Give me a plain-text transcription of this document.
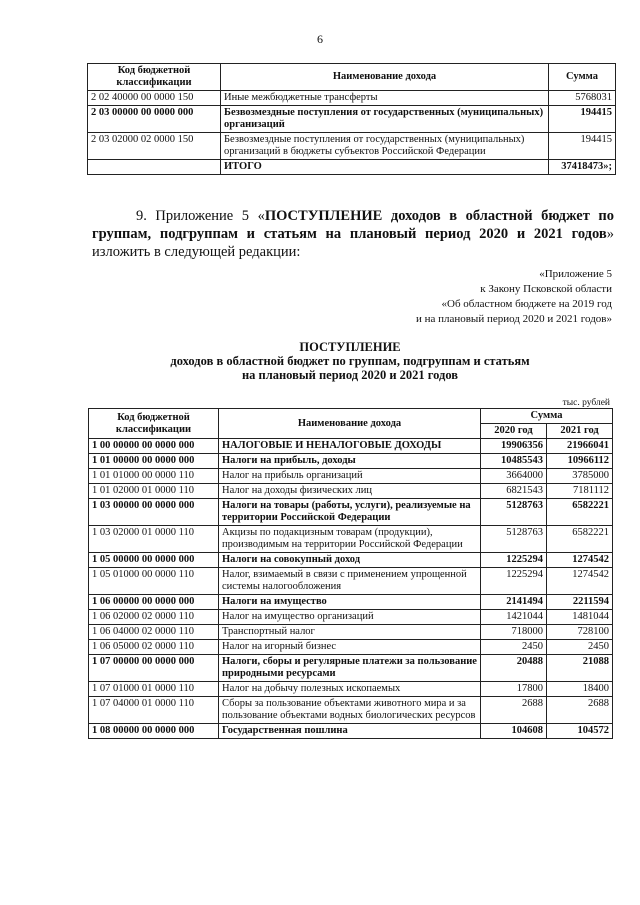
6
Код бюджетной классификации	Наименование дохода	Сумма
2 02 40000 00 0000 150	Иные межбюджетные трансферты	5768031
2 03 00000 00 0000 000	Безвозмездные поступления от государственных (муниципальных) организаций	194415
2 03 02000 02 0000 150	Безвозмездные поступления от государственных (муниципальных) организаций в бюджеты субъектов Российской Федерации	194415
	ИТОГО	37418473»;
9. Приложение 5 «ПОСТУПЛЕНИЕ доходов в областной бюджет по группам, подгруппам и статьям на плановый период 2020 и 2021 годов» изложить в следующей редакции:
«Приложение 5
к Закону Псковской области
«Об областном бюджете на 2019 год
и на плановый период 2020 и 2021 годов»
ПОСТУПЛЕНИЕ
доходов в областной бюджет по группам, подгруппам и статьям
на плановый период 2020 и 2021 годов
тыс. рублей
Код бюджетной классификации	Наименование дохода	Сумма	
		2020 год	2021 год
1 00 00000 00 0000 000	НАЛОГОВЫЕ И НЕНАЛОГОВЫЕ ДОХОДЫ	19906356	21966041
1 01 00000 00 0000 000	Налоги на прибыль, доходы	10485543	10966112
1 01 01000 00 0000 110	Налог на прибыль организаций	3664000	3785000
1 01 02000 01 0000 110	Налог на доходы физических лиц	6821543	7181112
1 03 00000 00 0000 000	Налоги на товары (работы, услуги), реализуемые на территории Российской Федерации	5128763	6582221
1 03 02000 01 0000 110	Акцизы по подакцизным товарам (продукции), производимым на территории Российской Федерации	5128763	6582221
1 05 00000 00 0000 000	Налоги на совокупный доход	1225294	1274542
1 05 01000 00 0000 110	Налог, взимаемый в связи с применением упрощенной системы налогообложения	1225294	1274542
1 06 00000 00 0000 000	Налоги на имущество	2141494	2211594
1 06 02000 02 0000 110	Налог на имущество организаций	1421044	1481044
1 06 04000 02 0000 110	Транспортный налог	718000	728100
1 06 05000 02 0000 110	Налог на игорный бизнес	2450	2450
1 07 00000 00 0000 000	Налоги, сборы и регулярные платежи за пользование природными ресурсами	20488	21088
1 07 01000 01 0000 110	Налог на добычу полезных ископаемых	17800	18400
1 07 04000 01 0000 110	Сборы за пользование объектами животного мира и за пользование объектами водных биологических ресурсов	2688	2688
1 08 00000 00 0000 000	Государственная пошлина	104608	104572
